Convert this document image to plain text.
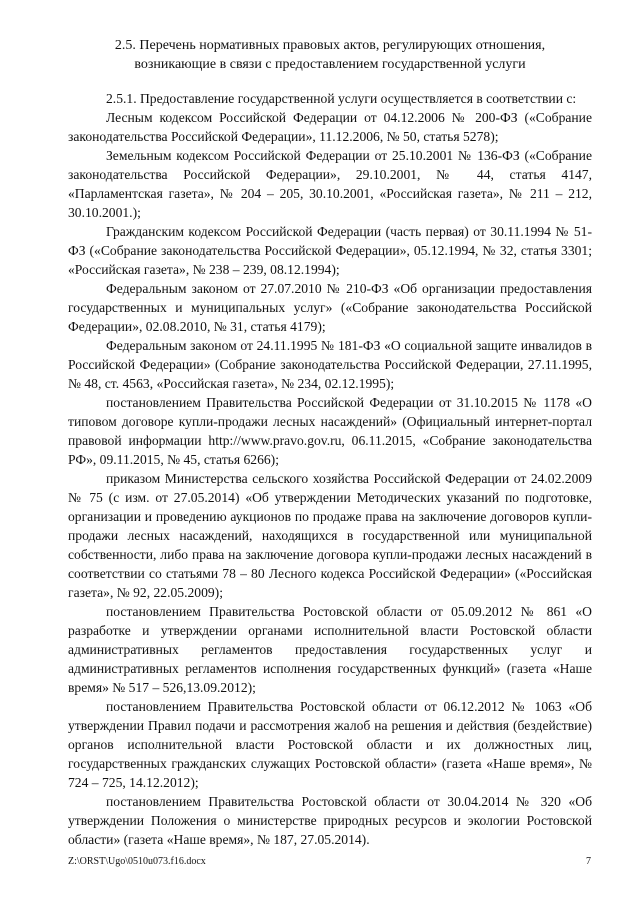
2.5. Перечень нормативных правовых актов, регулирующих отношения,
возникающие в связи с предоставлением государственной услуги

2.5.1. Предоставление государственной услуги осуществляется в соответствии с:

Лесным кодексом Российской Федерации от 04.12.2006 № 200-ФЗ («Собрание законодательства Российской Федерации», 11.12.2006, № 50, статья 5278);

Земельным кодексом Российской Федерации от 25.10.2001 № 136-ФЗ («Собрание законодательства Российской Федерации», 29.10.2001, № 44, статья 4147, «Парламентская газета», № 204 – 205, 30.10.2001, «Российская газета», № 211 – 212, 30.10.2001.);

Гражданским кодексом Российской Федерации (часть первая) от 30.11.1994 № 51-ФЗ («Собрание законодательства Российской Федерации», 05.12.1994, № 32, статья 3301; «Российская газета», № 238 – 239, 08.12.1994);

Федеральным законом от 27.07.2010 № 210-ФЗ «Об организации предоставления государственных и муниципальных услуг» («Собрание законодательства Российской Федерации», 02.08.2010, № 31, статья 4179);

Федеральным законом от 24.11.1995 № 181-ФЗ «О социальной защите инвалидов в Российской Федерации» (Собрание законодательства Российской Федерации, 27.11.1995, № 48, ст. 4563, «Российская газета», № 234, 02.12.1995);

постановлением Правительства Российской Федерации от 31.10.2015 № 1178 «О типовом договоре купли-продажи лесных насаждений» (Официальный интернет-портал правовой информации http://www.pravo.gov.ru, 06.11.2015, «Собрание законодательства РФ», 09.11.2015, № 45, статья 6266);

приказом Министерства сельского хозяйства Российской Федерации от 24.02.2009 № 75 (с изм. от 27.05.2014) «Об утверждении Методических указаний по подготовке, организации и проведению аукционов по продаже права на заключение договоров купли-продажи лесных насаждений, находящихся в государственной или муниципальной собственности, либо права на заключение договора купли-продажи лесных насаждений в соответствии со статьями 78 – 80 Лесного кодекса Российской Федерации» («Российская газета», № 92, 22.05.2009);

постановлением Правительства Ростовской области от 05.09.2012 № 861 «О разработке и утверждении органами исполнительной власти Ростовской области административных регламентов предоставления государственных услуг и административных регламентов исполнения государственных функций» (газета «Наше время» № 517 – 526,13.09.2012);

постановлением Правительства Ростовской области от 06.12.2012 № 1063 «Об утверждении Правил подачи и рассмотрения жалоб на решения и действия (бездействие) органов исполнительной власти Ростовской области и их должностных лиц, государственных гражданских служащих Ростовской области» (газета «Наше время», № 724 – 725, 14.12.2012);

постановлением Правительства Ростовской области от 30.04.2014 № 320 «Об утверждении Положения о министерстве природных ресурсов и экологии Ростовской области» (газета «Наше время», № 187, 27.05.2014).

Z:\ORST\Ugo\0510u073.f16.docx	7
